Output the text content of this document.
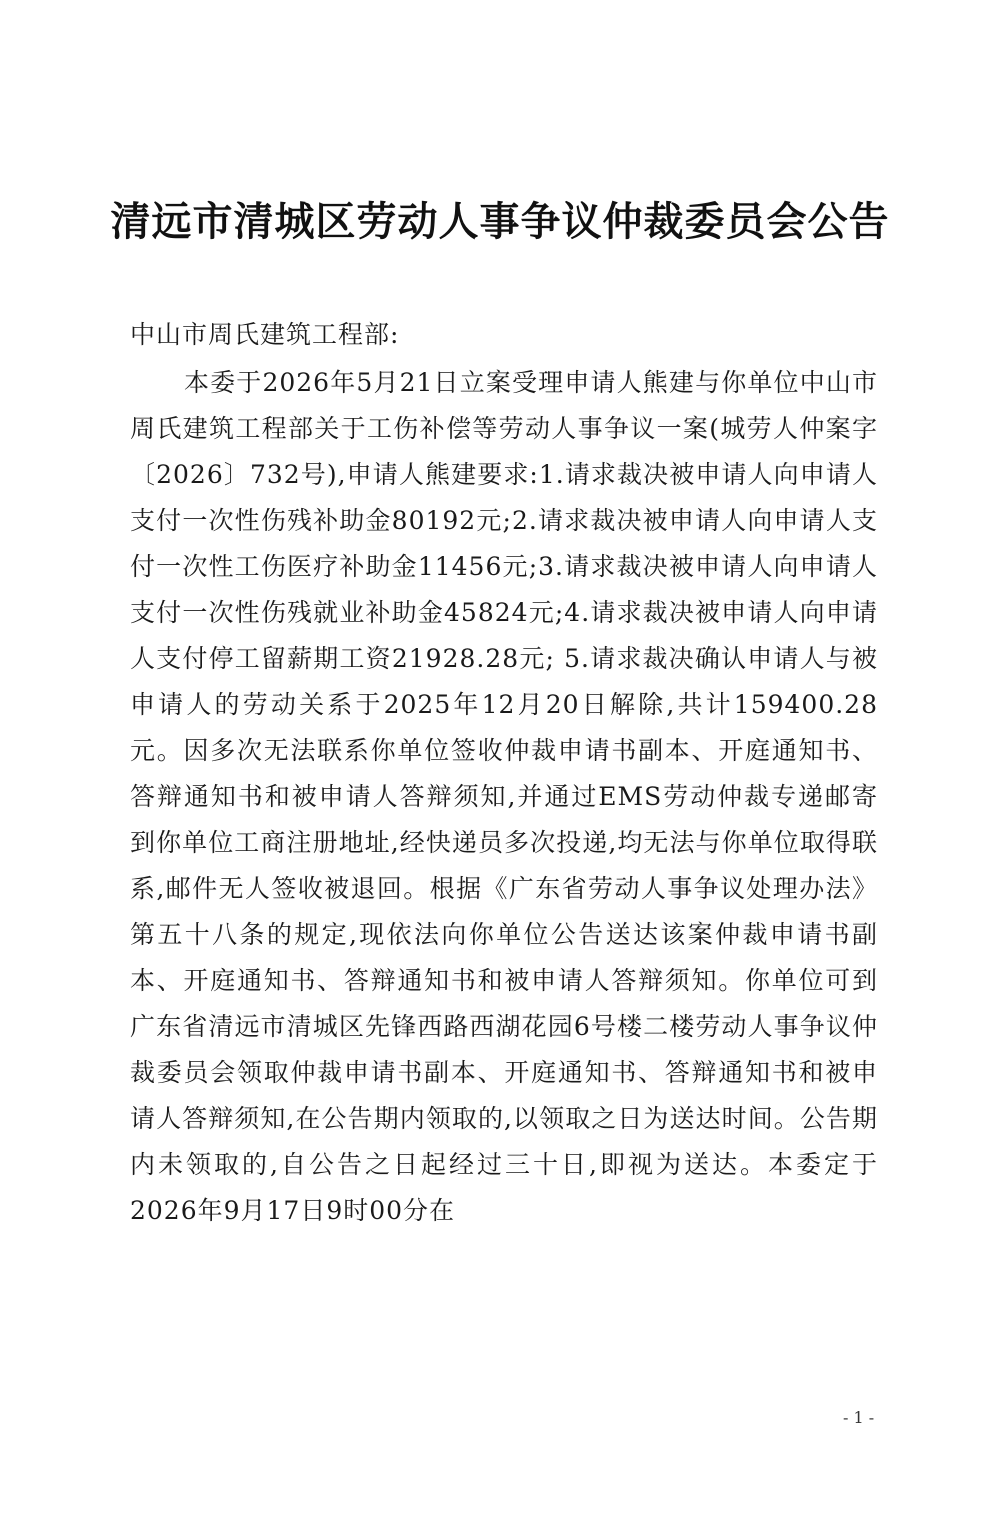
清远市清城区劳动人事争议仲裁委员会公告
中山市周氏建筑工程部:
本委于2026年5月21日立案受理申请人熊建与你单位中山市周氏建筑工程部关于工伤补偿等劳动人事争议一案(城劳人仲案字〔2026〕732号),申请人熊建要求:1.请求裁决被申请人向申请人支付一次性伤残补助金80192元;2.请求裁决被申请人向申请人支付一次性工伤医疗补助金11456元;3.请求裁决被申请人向申请人支付一次性伤残就业补助金45824元;4.请求裁决被申请人向申请人支付停工留薪期工资21928.28元; 5.请求裁决确认申请人与被申请人的劳动关系于2025年12月20日解除,共计159400.28元。因多次无法联系你单位签收仲裁申请书副本、开庭通知书、答辩通知书和被申请人答辩须知,并通过EMS劳动仲裁专递邮寄到你单位工商注册地址,经快递员多次投递,均无法与你单位取得联系,邮件无人签收被退回。根据《广东省劳动人事争议处理办法》第五十八条的规定,现依法向你单位公告送达该案仲裁申请书副本、开庭通知书、答辩通知书和被申请人答辩须知。你单位可到广东省清远市清城区先锋西路西湖花园6号楼二楼劳动人事争议仲裁委员会领取仲裁申请书副本、开庭通知书、答辩通知书和被申请人答辩须知,在公告期内领取的,以领取之日为送达时间。公告期内未领取的,自公告之日起经过三十日,即视为送达。本委定于2026年9月17日9时00分在
- 1 -
